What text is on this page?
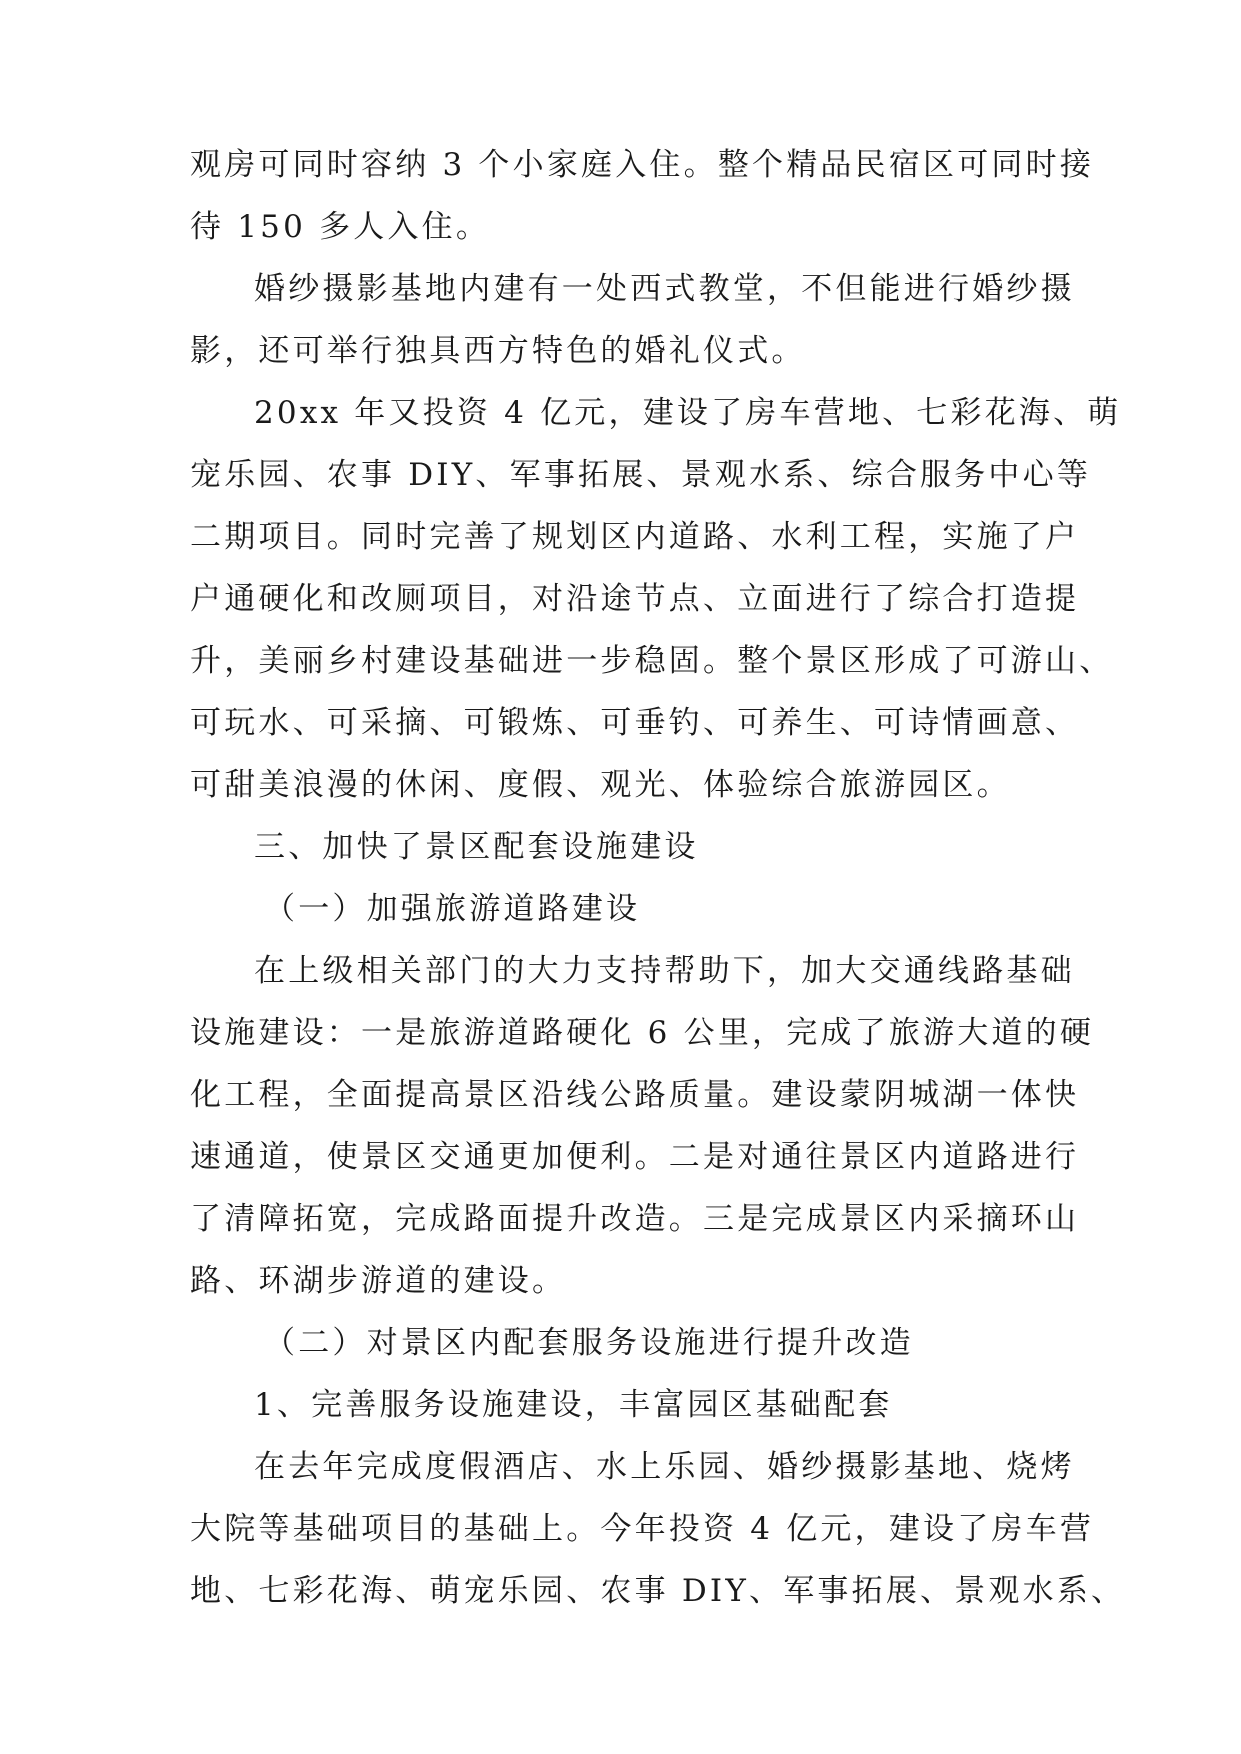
观房可同时容纳 3 个小家庭入住。整个精品民宿区可同时接

待 150 多人入住。

婚纱摄影基地内建有一处西式教堂，不但能进行婚纱摄

影，还可举行独具西方特色的婚礼仪式。

20xx 年又投资 4 亿元，建设了房车营地、七彩花海、萌

宠乐园、农事 DIY、军事拓展、景观水系、综合服务中心等

二期项目。同时完善了规划区内道路、水利工程，实施了户

户通硬化和改厕项目，对沿途节点、立面进行了综合打造提

升，美丽乡村建设基础进一步稳固。整个景区形成了可游山、

可玩水、可采摘、可锻炼、可垂钓、可养生、可诗情画意、

可甜美浪漫的休闲、度假、观光、体验综合旅游园区。

三、加快了景区配套设施建设

（一）加强旅游道路建设

在上级相关部门的大力支持帮助下，加大交通线路基础

设施建设：一是旅游道路硬化 6 公里，完成了旅游大道的硬

化工程，全面提高景区沿线公路质量。建设蒙阴城湖一体快

速通道，使景区交通更加便利。二是对通往景区内道路进行

了清障拓宽，完成路面提升改造。三是完成景区内采摘环山

路、环湖步游道的建设。

（二）对景区内配套服务设施进行提升改造

1、完善服务设施建设，丰富园区基础配套

在去年完成度假酒店、水上乐园、婚纱摄影基地、烧烤

大院等基础项目的基础上。今年投资 4 亿元，建设了房车营

地、七彩花海、萌宠乐园、农事 DIY、军事拓展、景观水系、
